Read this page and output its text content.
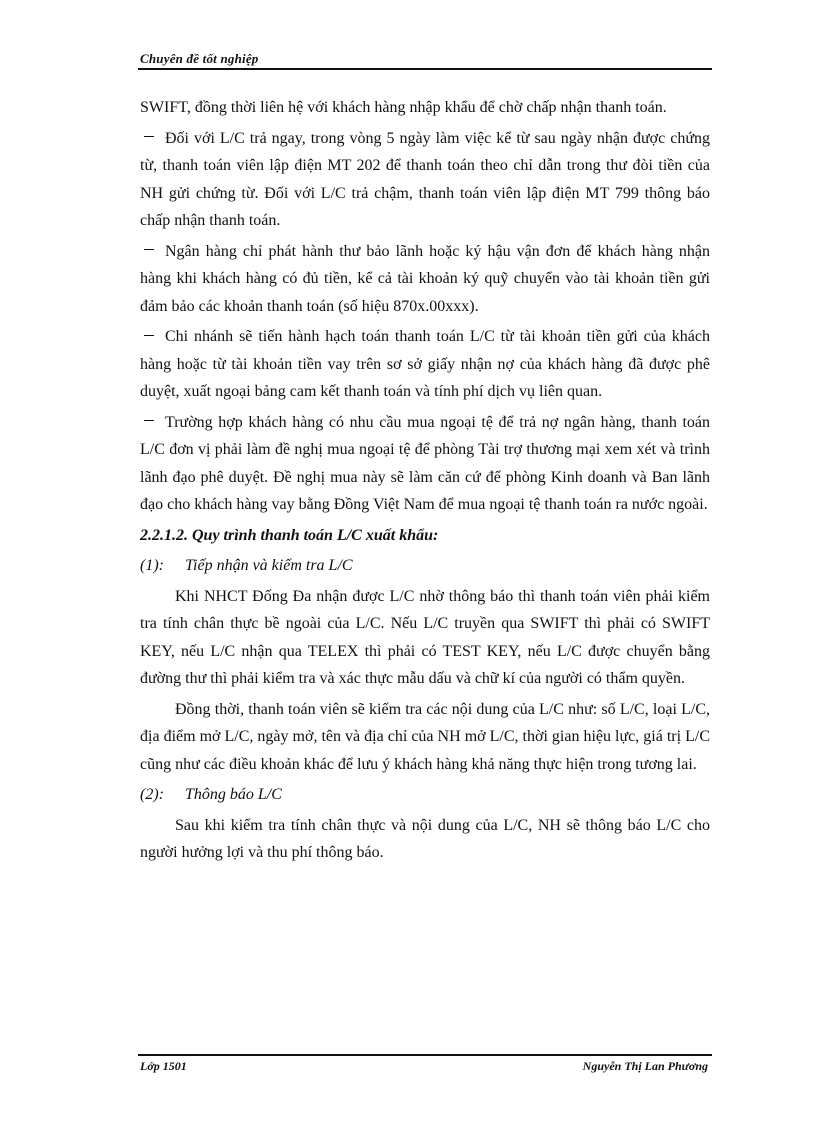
Chuyên đề tốt nghiệp

SWIFT, đồng thời liên hệ với khách hàng nhập khẩu để chờ chấp nhận thanh toán.

Đối với L/C trả ngay, trong vòng 5 ngày làm việc kể từ sau ngày nhận được chứng từ, thanh toán viên lập điện MT 202 để thanh toán theo chỉ dẫn trong thư đòi tiền của NH gửi chứng từ. Đối với L/C trả chậm, thanh toán viên lập điện MT 799 thông báo chấp nhận thanh toán.

Ngân hàng chỉ phát hành thư bảo lãnh hoặc ký hậu vận đơn để khách hàng nhận hàng khi khách hàng có đủ tiền, kể cả tài khoản ký quỹ chuyển vào tài khoản tiền gửi đảm bảo các khoản thanh toán (số hiệu 870x.00xxx).

Chi nhánh sẽ tiến hành hạch toán thanh toán L/C từ tài khoản tiền gửi của khách hàng hoặc từ tài khoản tiền vay trên sơ sở giấy nhận nợ của khách hàng đã được phê duyệt, xuất ngoại bảng cam kết thanh toán và tính phí dịch vụ liên quan.

Trường hợp khách hàng có nhu cầu mua ngoại tệ để trả nợ ngân hàng, thanh toán L/C đơn vị phải làm đề nghị mua ngoại tệ để phòng Tài trợ thương mại xem xét và trình lãnh đạo phê duyệt. Đề nghị mua này sẽ làm căn cứ để phòng Kinh doanh và Ban lãnh đạo cho khách hàng vay bằng Đồng Việt Nam để mua ngoại tệ thanh toán ra nước ngoài.

2.2.1.2. Quy trình thanh toán L/C xuất khẩu:

(1): Tiếp nhận và kiểm tra L/C

Khi NHCT Đống Đa nhận được L/C nhờ thông báo thì thanh toán viên phải kiểm tra tính chân thực bề ngoài của L/C. Nếu L/C truyền qua SWIFT thì phải có SWIFT KEY, nếu L/C nhận qua TELEX thì phải có TEST KEY, nếu L/C được chuyển bằng đường thư thì phải kiểm tra và xác thực mẫu dấu và chữ kí của người có thẩm quyền.

Đồng thời, thanh toán viên sẽ kiểm tra các nội dung của L/C như: số L/C, loại L/C, địa điểm mở L/C, ngày mở, tên và địa chỉ của NH mở L/C, thời gian hiệu lực, giá trị L/C cũng như các điều khoản khác để lưu ý khách hàng khả năng thực hiện trong tương lai.

(2): Thông báo L/C

Sau khi kiểm tra tính chân thực và nội dung của L/C, NH sẽ thông báo L/C cho người hưởng lợi và thu phí thông báo.

Lớp 1501	Nguyễn Thị Lan Phương
